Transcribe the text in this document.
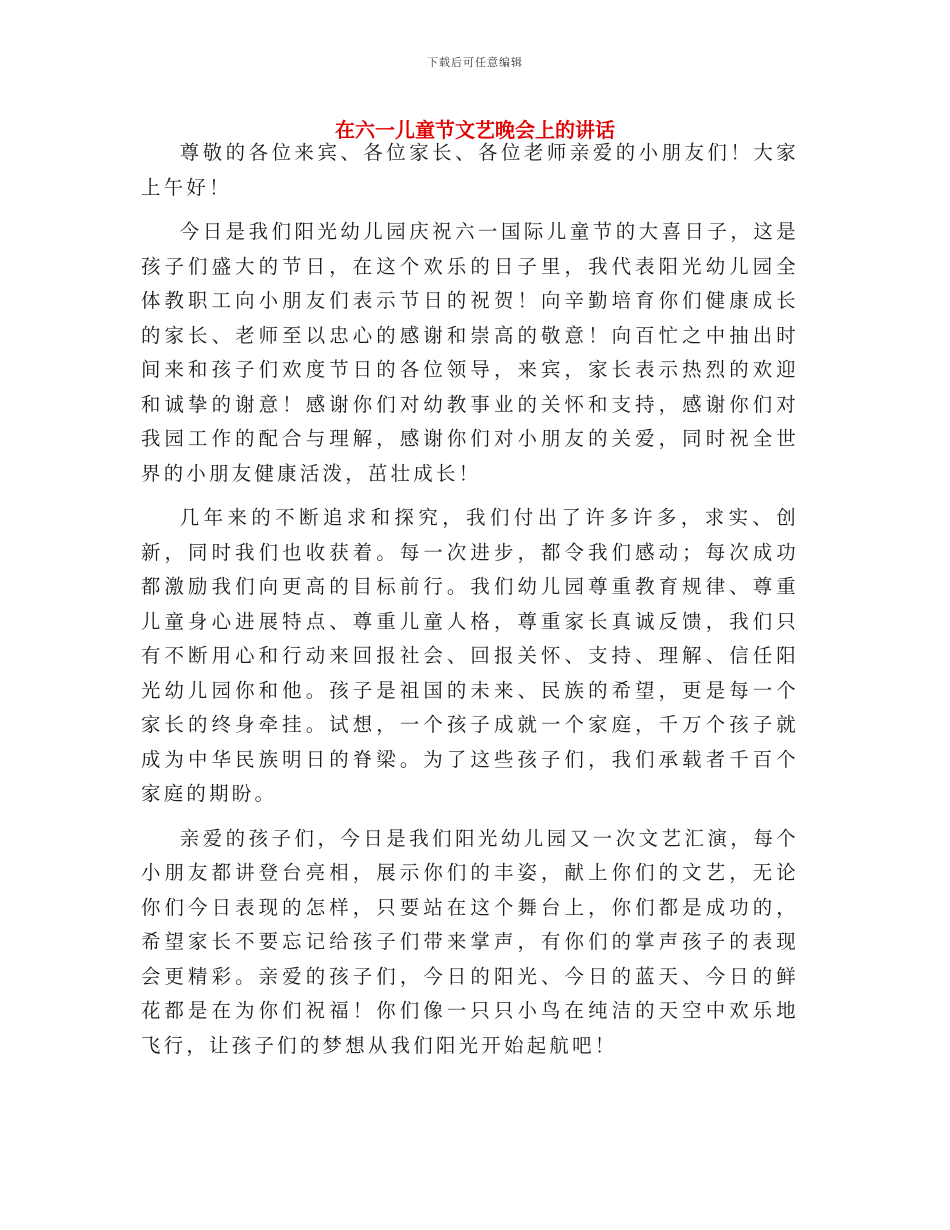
下载后可任意编辑
在六一儿童节文艺晚会上的讲话

尊敬的各位来宾、各位家长、各位老师亲爱的小朋友们！大家上午好！

今日是我们阳光幼儿园庆祝六一国际儿童节的大喜日子，这是孩子们盛大的节日，在这个欢乐的日子里，我代表阳光幼儿园全体教职工向小朋友们表示节日的祝贺！向辛勤培育你们健康成长的家长、老师至以忠心的感谢和崇高的敬意！向百忙之中抽出时间来和孩子们欢度节日的各位领导，来宾，家长表示热烈的欢迎和诚挚的谢意！感谢你们对幼教事业的关怀和支持，感谢你们对我园工作的配合与理解，感谢你们对小朋友的关爱，同时祝全世界的小朋友健康活泼，茁壮成长！

几年来的不断追求和探究，我们付出了许多许多，求实、创新，同时我们也收获着。每一次进步，都令我们感动；每次成功都激励我们向更高的目标前行。我们幼儿园尊重教育规律、尊重儿童身心进展特点、尊重儿童人格，尊重家长真诚反馈，我们只有不断用心和行动来回报社会、回报关怀、支持、理解、信任阳光幼儿园你和他。孩子是祖国的未来、民族的希望，更是每一个家长的终身牵挂。试想，一个孩子成就一个家庭，千万个孩子就成为中华民族明日的脊梁。为了这些孩子们，我们承载者千百个家庭的期盼。

亲爱的孩子们，今日是我们阳光幼儿园又一次文艺汇演，每个小朋友都讲登台亮相，展示你们的丰姿，献上你们的文艺，无论你们今日表现的怎样，只要站在这个舞台上，你们都是成功的，希望家长不要忘记给孩子们带来掌声，有你们的掌声孩子的表现会更精彩。亲爱的孩子们，今日的阳光、今日的蓝天、今日的鲜花都是在为你们祝福！你们像一只只小鸟在纯洁的天空中欢乐地飞行，让孩子们的梦想从我们阳光开始起航吧！
